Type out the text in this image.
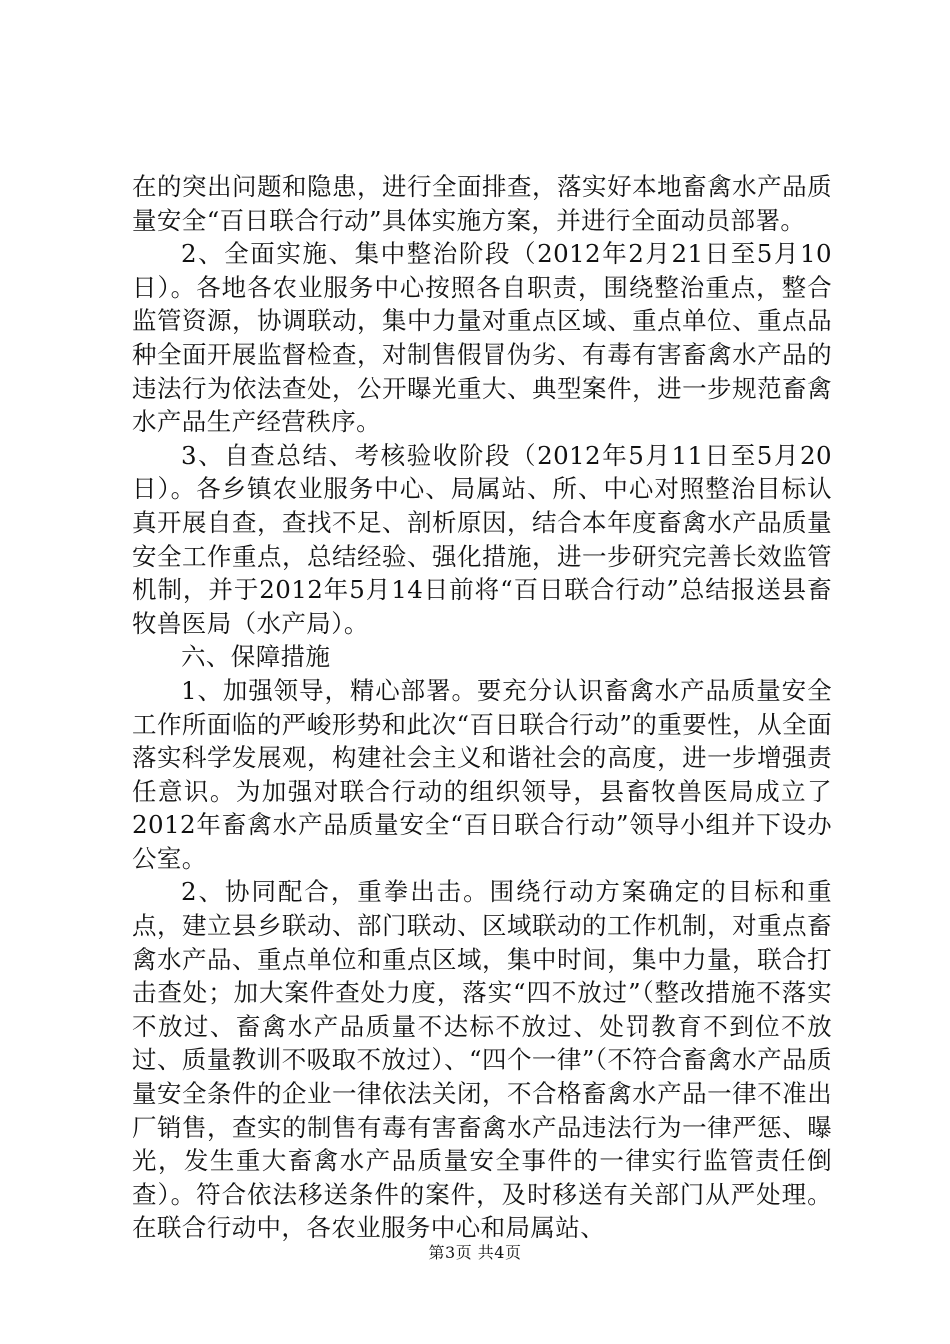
在的突出问题和隐患，进行全面排查，落实好本地畜禽水产品质量安全“百日联合行动”具体实施方案，并进行全面动员部署。

2、全面实施、集中整治阶段（2012年2月21日至5月10日）。各地各农业服务中心按照各自职责，围绕整治重点，整合监管资源，协调联动，集中力量对重点区域、重点单位、重点品种全面开展监督检查，对制售假冒伪劣、有毒有害畜禽水产品的违法行为依法查处，公开曝光重大、典型案件，进一步规范畜禽水产品生产经营秩序。

3、自查总结、考核验收阶段（2012年5月11日至5月20日）。各乡镇农业服务中心、局属站、所、中心对照整治目标认真开展自查，查找不足、剖析原因，结合本年度畜禽水产品质量安全工作重点，总结经验、强化措施，进一步研究完善长效监管机制，并于2012年5月14日前将“百日联合行动”总结报送县畜牧兽医局（水产局）。

六、保障措施

1、加强领导，精心部署。要充分认识畜禽水产品质量安全工作所面临的严峻形势和此次“百日联合行动”的重要性，从全面落实科学发展观，构建社会主义和谐社会的高度，进一步增强责任意识。为加强对联合行动的组织领导，县畜牧兽医局成立了2012年畜禽水产品质量安全“百日联合行动”领导小组并下设办公室。

2、协同配合，重拳出击。围绕行动方案确定的目标和重点，建立县乡联动、部门联动、区域联动的工作机制，对重点畜禽水产品、重点单位和重点区域，集中时间，集中力量，联合打击查处；加大案件查处力度，落实“四不放过”（整改措施不落实不放过、畜禽水产品质量不达标不放过、处罚教育不到位不放过、质量教训不吸取不放过）、“四个一律”（不符合畜禽水产品质量安全条件的企业一律依法关闭，不合格畜禽水产品一律不准出厂销售，查实的制售有毒有害畜禽水产品违法行为一律严惩、曝光，发生重大畜禽水产品质量安全事件的一律实行监管责任倒查）。符合依法移送条件的案件，及时移送有关部门从严处理。在联合行动中，各农业服务中心和局属站、

第3页 共4页
